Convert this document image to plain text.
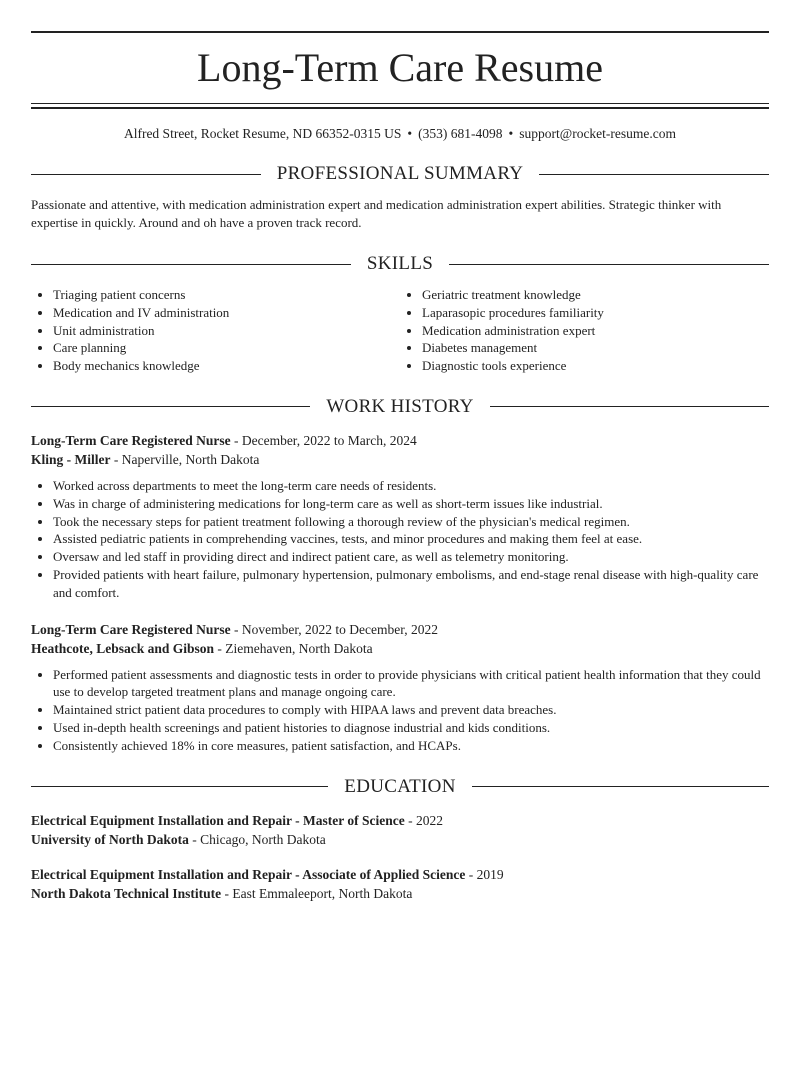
Long-Term Care Resume
Alfred Street, Rocket Resume, ND 66352-0315 US • (353) 681-4098 • support@rocket-resume.com
PROFESSIONAL SUMMARY

Passionate and attentive, with medication administration expert and medication administration expert abilities. Strategic thinker with expertise in quickly. Around and oh have a proven track record.

SKILLS
• Triaging patient concerns
• Medication and IV administration
• Unit administration
• Care planning
• Body mechanics knowledge
• Geriatric treatment knowledge
• Laparasopic procedures familiarity
• Medication administration expert
• Diabetes management
• Diagnostic tools experience
WORK HISTORY
Long-Term Care Registered Nurse - December, 2022 to March, 2024
Kling - Miller - Naperville, North Dakota
• Worked across departments to meet the long-term care needs of residents.
• Was in charge of administering medications for long-term care as well as short-term issues like industrial.
• Took the necessary steps for patient treatment following a thorough review of the physician's medical regimen.
• Assisted pediatric patients in comprehending vaccines, tests, and minor procedures and making them feel at ease.
• Oversaw and led staff in providing direct and indirect patient care, as well as telemetry monitoring.
• Provided patients with heart failure, pulmonary hypertension, pulmonary embolisms, and end-stage renal disease with high-quality care and comfort.
Long-Term Care Registered Nurse - November, 2022 to December, 2022
Heathcote, Lebsack and Gibson - Ziemehaven, North Dakota
• Performed patient assessments and diagnostic tests in order to provide physicians with critical patient health information that they could use to develop targeted treatment plans and manage ongoing care.
• Maintained strict patient data procedures to comply with HIPAA laws and prevent data breaches.
• Used in-depth health screenings and patient histories to diagnose industrial and kids conditions.
• Consistently achieved 18% in core measures, patient satisfaction, and HCAPs.
EDUCATION
Electrical Equipment Installation and Repair - Master of Science - 2022
University of North Dakota - Chicago, North Dakota
Electrical Equipment Installation and Repair - Associate of Applied Science - 2019
North Dakota Technical Institute - East Emmaleeport, North Dakota
